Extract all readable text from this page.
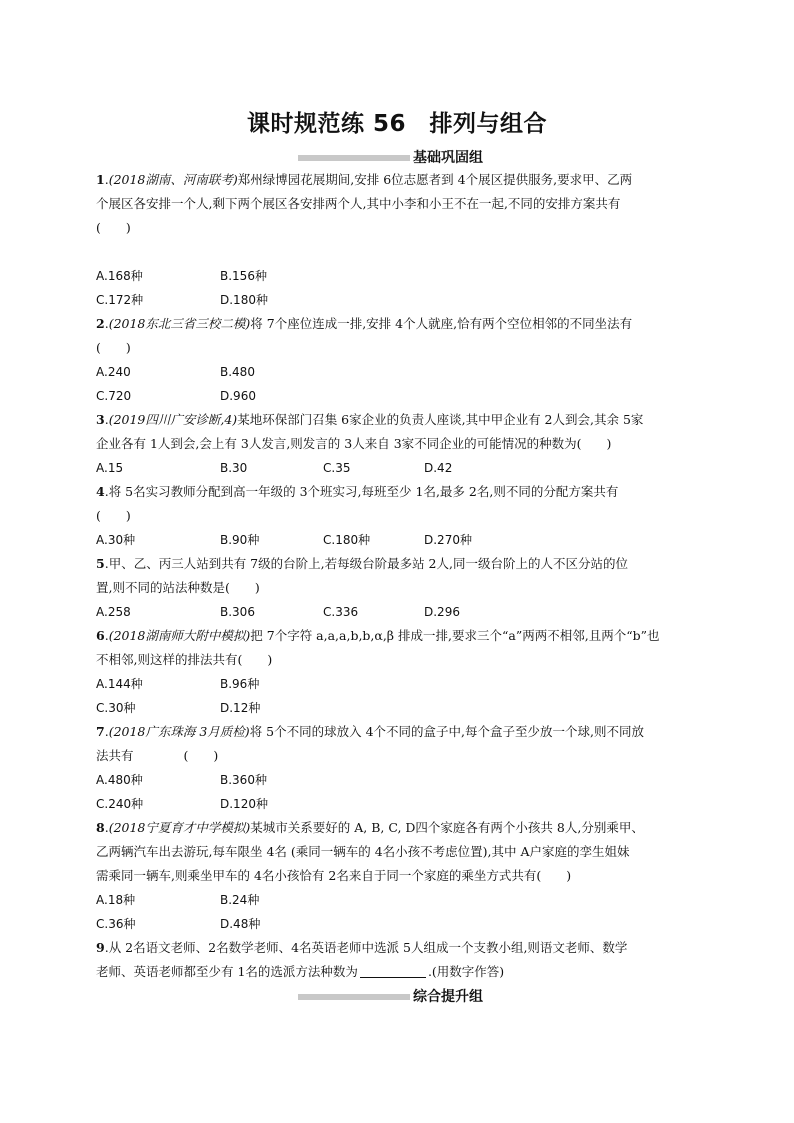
课时规范练 56　排列与组合
基础巩固组
1.(2018湖南、河南联考)郑州绿博园花展期间,安排 6位志愿者到 4个展区提供服务,要求甲、乙两
个展区各安排一个人,剩下两个展区各安排两个人,其中小李和小王不在一起,不同的安排方案共有
(　　)
A.168种	B.156种
C.172种	D.180种
2.(2018东北三省三校二模)将 7个座位连成一排,安排 4个人就座,恰有两个空位相邻的不同坐法有
(　　)
A.240	B.480
C.720	D.960
3.(2019四川广安诊断,4)某地环保部门召集 6家企业的负责人座谈,其中甲企业有 2人到会,其余 5家
企业各有 1人到会,会上有 3人发言,则发言的 3人来自 3家不同企业的可能情况的种数为(　　)
A.15	B.30	C.35	D.42
4.将 5名实习教师分配到高一年级的 3个班实习,每班至少 1名,最多 2名,则不同的分配方案共有
(　　)
A.30种	B.90种	C.180种	D.270种
5.甲、乙、丙三人站到共有 7级的台阶上,若每级台阶最多站 2人,同一级台阶上的人不区分站的位
置,则不同的站法种数是(　　)
A.258	B.306	C.336	D.296
6.(2018湖南师大附中模拟)把 7个字符 a,a,a,b,b,α,β 排成一排,要求三个“a”两两不相邻,且两个“b”也
不相邻,则这样的排法共有(　　)
A.144种	B.96种
C.30种	D.12种
7.(2018广东珠海 3月质检)将 5个不同的球放入 4个不同的盒子中,每个盒子至少放一个球,则不同放
法共有　　　　(　　)
A.480种	B.360种
C.240种	D.120种
8.(2018宁夏育才中学模拟)某城市关系要好的 A, B, C, D四个家庭各有两个小孩共 8人,分别乘甲、
乙两辆汽车出去游玩,每车限坐 4名 (乘同一辆车的 4名小孩不考虑位置),其中 A户家庭的孪生姐妹
需乘同一辆车,则乘坐甲车的 4名小孩恰有 2名来自于同一个家庭的乘坐方式共有(　　)
A.18种	B.24种
C.36种	D.48种
9.从 2名语文老师、2名数学老师、4名英语老师中选派 5人组成一个支教小组,则语文老师、数学
老师、英语老师都至少有 1名的选派方法种数为	.(用数字作答)
综合提升组
